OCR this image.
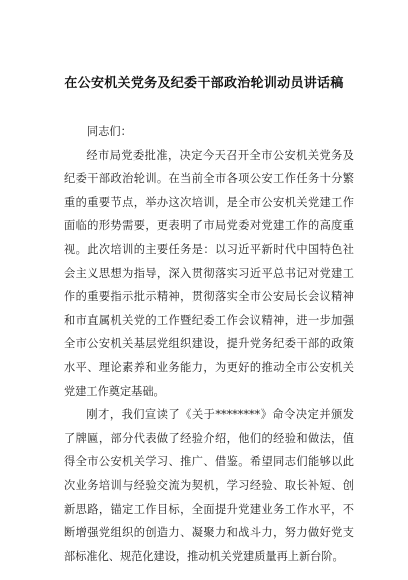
在公安机关党务及纪委干部政治轮训动员讲话稿

同志们：

经市局党委批准，决定今天召开全市公安机关党务及纪委干部政治轮训。在当前全市各项公安工作任务十分繁重的重要节点，举办这次培训，是全市公安机关党建工作面临的形势需要，更表明了市局党委对党建工作的高度重视。此次培训的主要任务是：以习近平新时代中国特色社会主义思想为指导，深入贯彻落实习近平总书记对党建工作的重要指示批示精神，贯彻落实全市公安局长会议精神和市直属机关党的工作暨纪委工作会议精神，进一步加强全市公安机关基层党组织建设，提升党务纪委干部的政策水平、理论素养和业务能力，为更好的推动全市公安机关党建工作奠定基础。

刚才，我们宣读了《关于********》命令决定并颁发了牌匾，部分代表做了经验介绍，他们的经验和做法，值得全市公安机关学习、推广、借鉴。希望同志们能够以此次业务培训与经验交流为契机，学习经验、取长补短、创新思路，锚定工作目标，全面提升党建业务工作水平，不断增强党组织的创造力、凝聚力和战斗力，努力做好党支部标准化、规范化建设，推动机关党建质量再上新台阶。
